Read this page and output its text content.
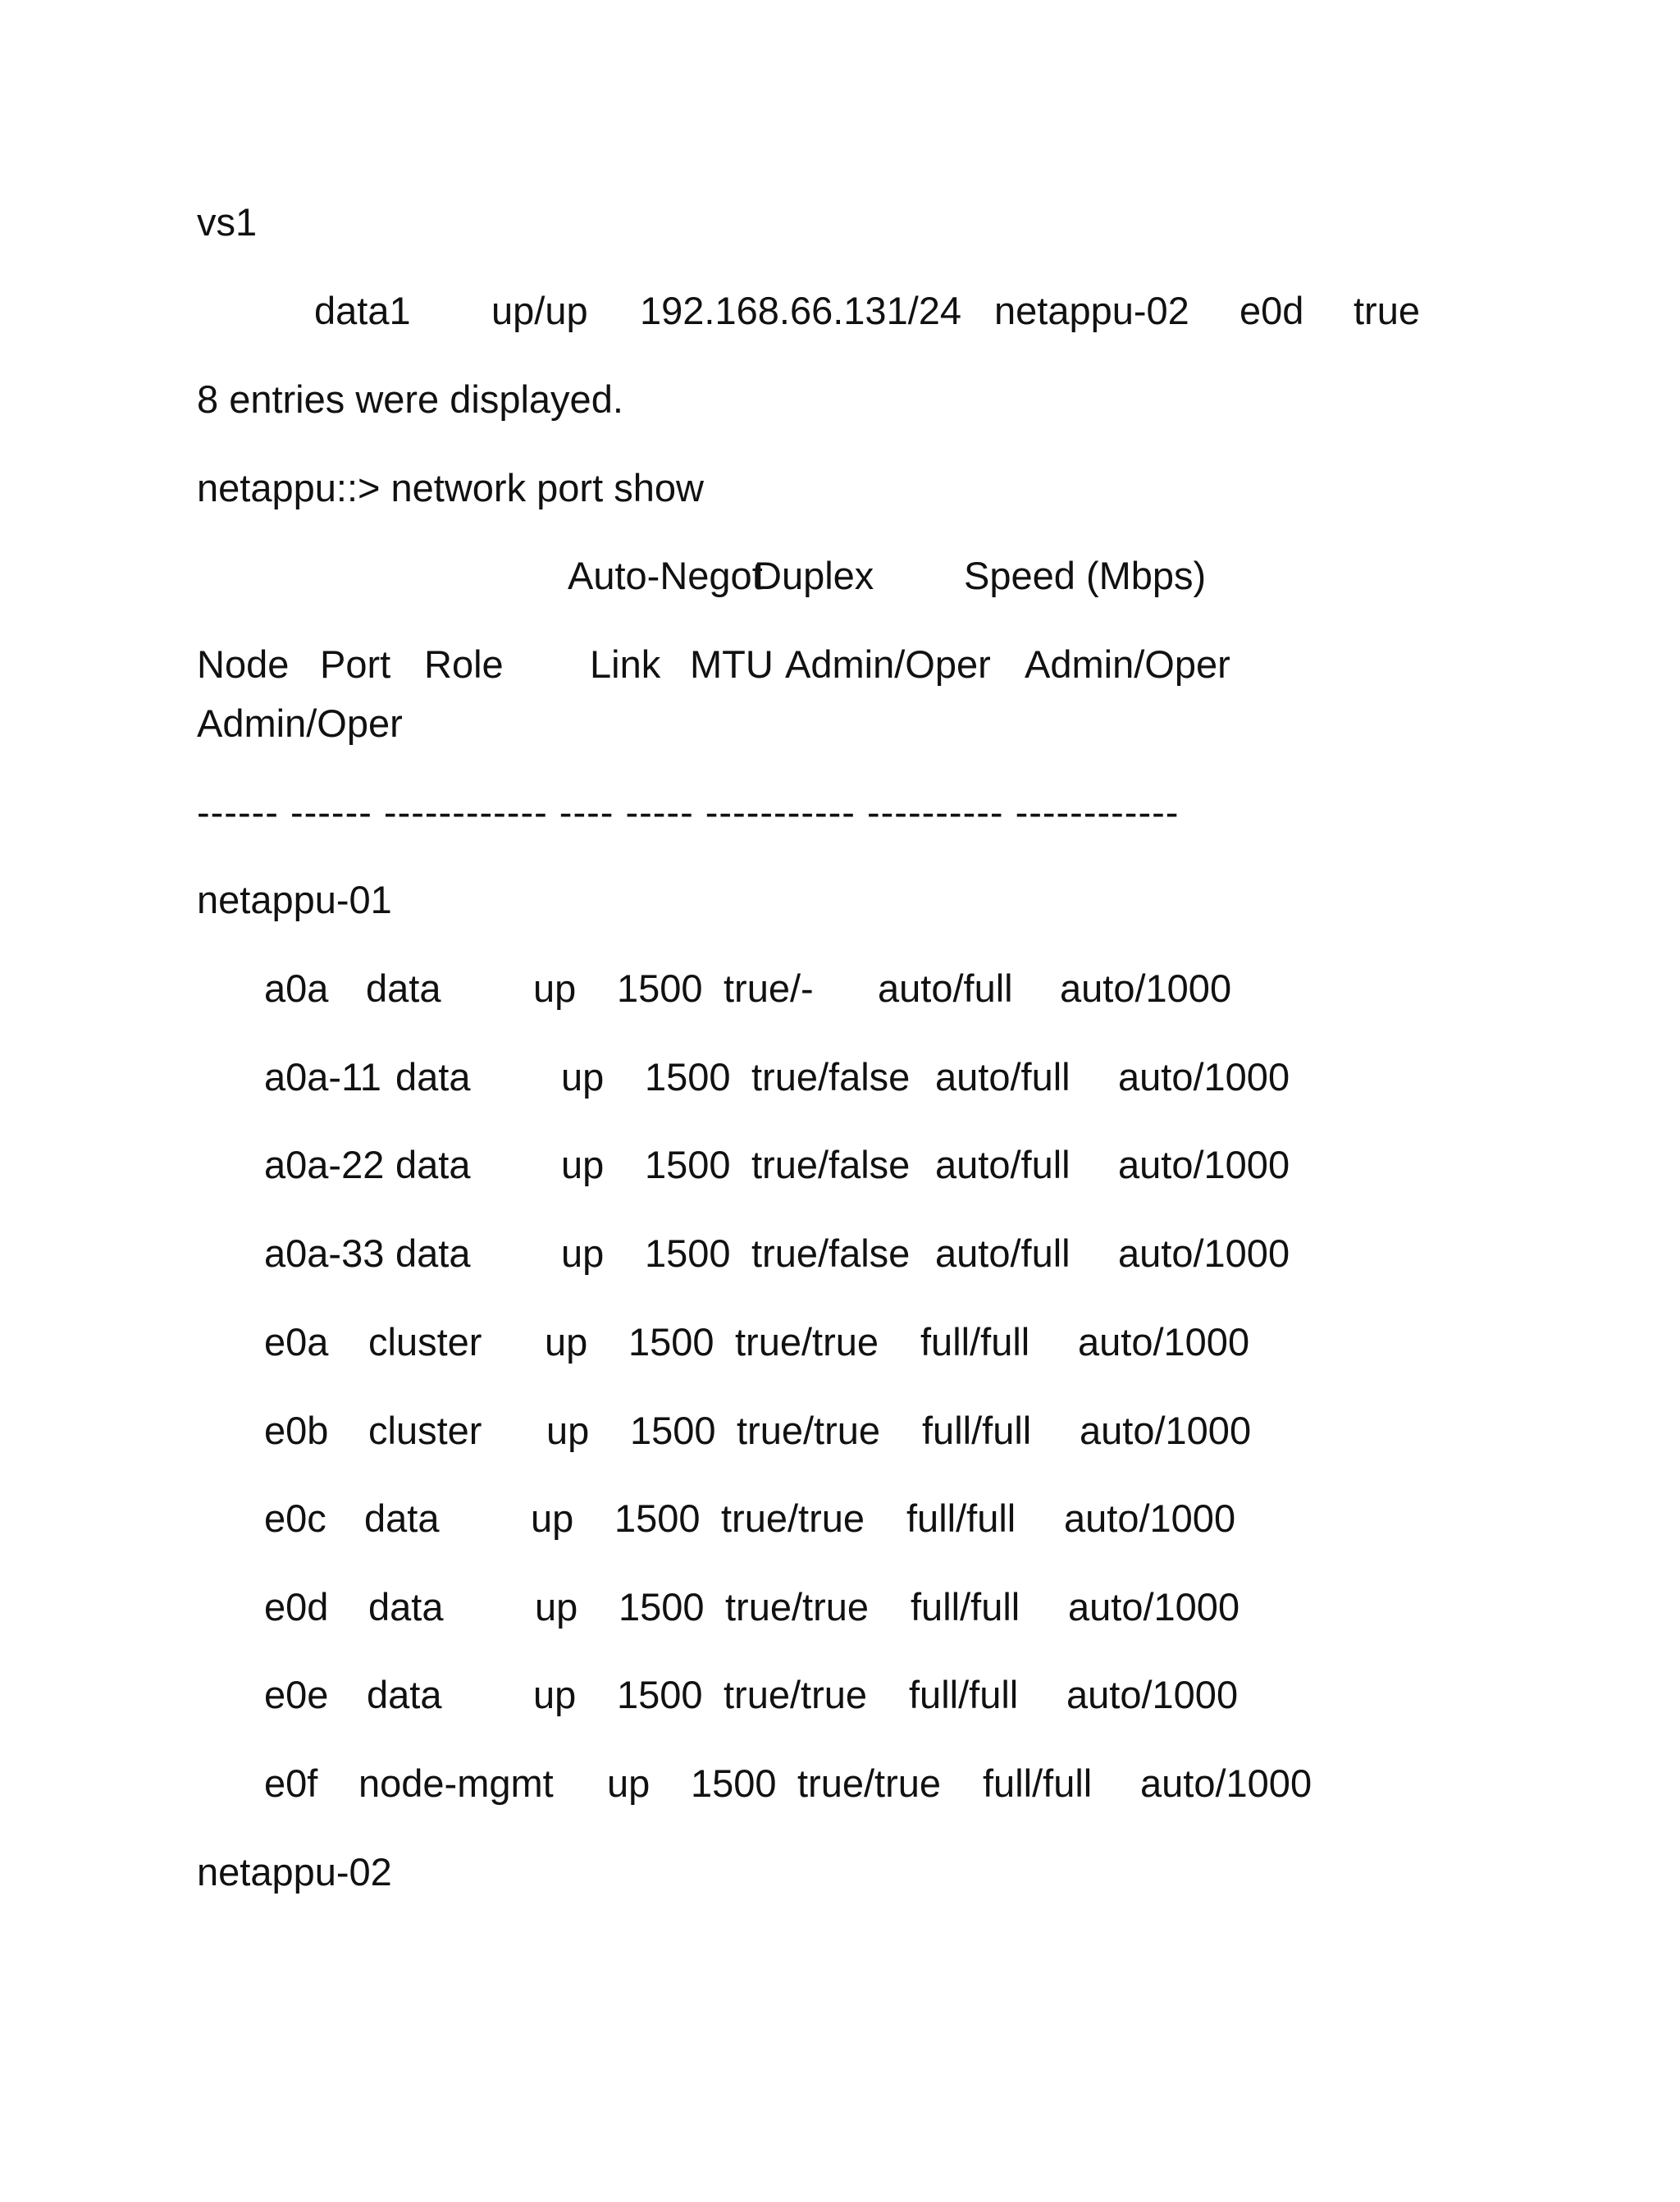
vs1

data1

up/up

192.168.66.131/24

netappu-02

e0d

true

8 entries were displayed.
netappu::> network port show

Auto-Negot

Duplex

Speed (Mbps)

Node

Port

Role

Link

MTU

Admin/Oper

Admin/Oper

Admin/Oper
------ ------ ------------ ---- ----- ----------- ---------- ------------
netappu-01

a0a

data

up

1500

true/-

auto/full

auto/1000

a0a-11

data

up

1500

true/false

auto/full

auto/1000

a0a-22

data

up

1500

true/false

auto/full

auto/1000

a0a-33

data

up

1500

true/false

auto/full

auto/1000

e0a

cluster

up

1500

true/true

full/full

auto/1000

e0b

cluster

up

1500

true/true

full/full

auto/1000

e0c

data

up

1500

true/true

full/full

auto/1000

e0d

data

up

1500

true/true

full/full

auto/1000

e0e

data

up

1500

true/true

full/full

auto/1000

e0f

node-mgmt

up

1500

true/true

full/full

auto/1000

netappu-02
